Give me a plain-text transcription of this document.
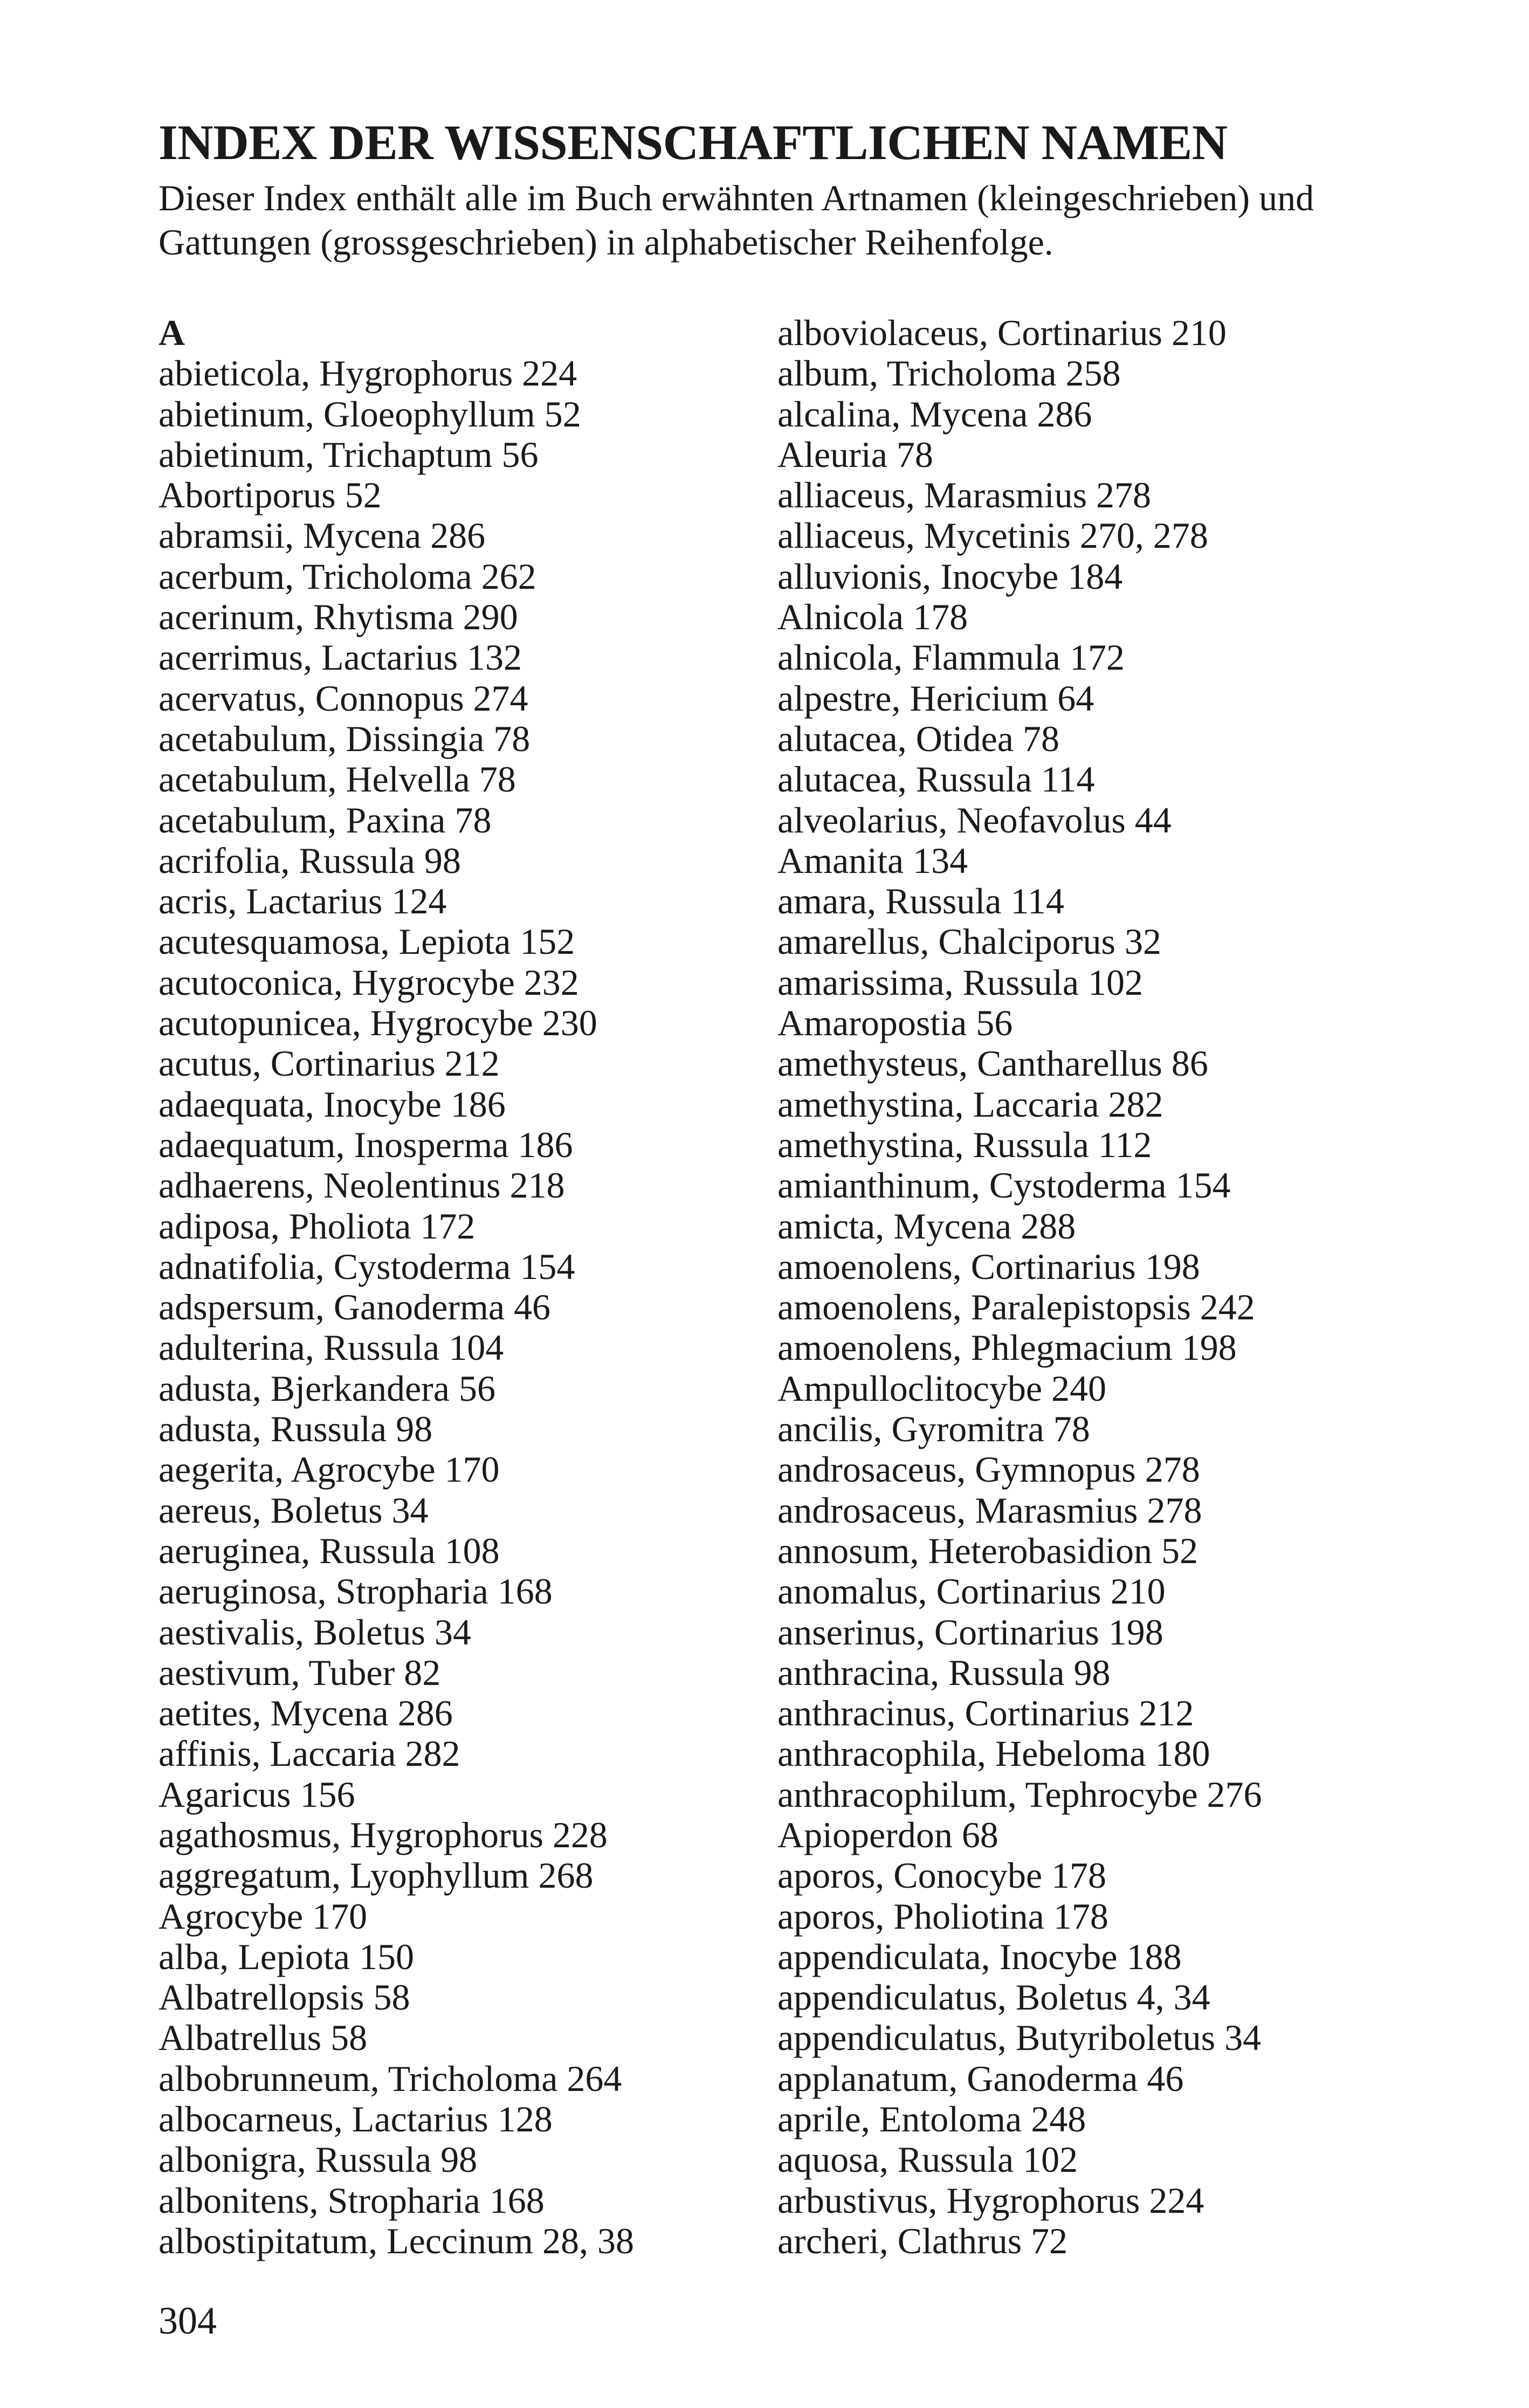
INDEX DER WISSENSCHAFTLICHEN NAMEN

Dieser Index enthält alle im Buch erwähnten Artnamen (kleingeschrieben) und Gattungen (grossgeschrieben) in alphabetischer Reihenfolge.

A
abieticola, Hygrophorus 224
abietinum, Gloeophyllum 52
abietinum, Trichaptum 56
Abortiporus 52
abramsii, Mycena 286
acerbum, Tricholoma 262
acerinum, Rhytisma 290
acerrimus, Lactarius 132
acervatus, Connopus 274
acetabulum, Dissingia 78
acetabulum, Helvella 78
acetabulum, Paxina 78
acrifolia, Russula 98
acris, Lactarius 124
acutesquamosa, Lepiota 152
acutoconica, Hygrocybe 232
acutopunicea, Hygrocybe 230
acutus, Cortinarius 212
adaequata, Inocybe 186
adaequatum, Inosperma 186
adhaerens, Neolentinus 218
adiposa, Pholiota 172
adnatifolia, Cystoderma 154
adspersum, Ganoderma 46
adulterina, Russula 104
adusta, Bjerkandera 56
adusta, Russula 98
aegerita, Agrocybe 170
aereus, Boletus 34
aeruginea, Russula 108
aeruginosa, Stropharia 168
aestivalis, Boletus 34
aestivum, Tuber 82
aetites, Mycena 286
affinis, Laccaria 282
Agaricus 156
agathosmus, Hygrophorus 228
aggregatum, Lyophyllum 268
Agrocybe 170
alba, Lepiota 150
Albatrellopsis 58
Albatrellus 58
albobrunneum, Tricholoma 264
albocarneus, Lactarius 128
albonigra, Russula 98
albonitens, Stropharia 168
albostipitatum, Leccinum 28, 38
alboviolaceus, Cortinarius 210
album, Tricholoma 258
alcalina, Mycena 286
Aleuria 78
alliaceus, Marasmius 278
alliaceus, Mycetinis 270, 278
alluvionis, Inocybe 184
Alnicola 178
alnicola, Flammula 172
alpestre, Hericium 64
alutacea, Otidea 78
alutacea, Russula 114
alveolarius, Neofavolus 44
Amanita 134
amara, Russula 114
amarellus, Chalciporus 32
amarissima, Russula 102
Amaropostia 56
amethysteus, Cantharellus 86
amethystina, Laccaria 282
amethystina, Russula 112
amianthinum, Cystoderma 154
amicta, Mycena 288
amoenolens, Cortinarius 198
amoenolens, Paralepistopsis 242
amoenolens, Phlegmacium 198
Ampulloclitocybe 240
ancilis, Gyromitra 78
androsaceus, Gymnopus 278
androsaceus, Marasmius 278
annosum, Heterobasidion 52
anomalus, Cortinarius 210
anserinus, Cortinarius 198
anthracina, Russula 98
anthracinus, Cortinarius 212
anthracophila, Hebeloma 180
anthracophilum, Tephrocybe 276
Apioperdon 68
aporos, Conocybe 178
aporos, Pholiotina 178
appendiculata, Inocybe 188
appendiculatus, Boletus 4, 34
appendiculatus, Butyriboletus 34
applanatum, Ganoderma 46
aprile, Entoloma 248
aquosa, Russula 102
arbustivus, Hygrophorus 224
archeri, Clathrus 72
304
